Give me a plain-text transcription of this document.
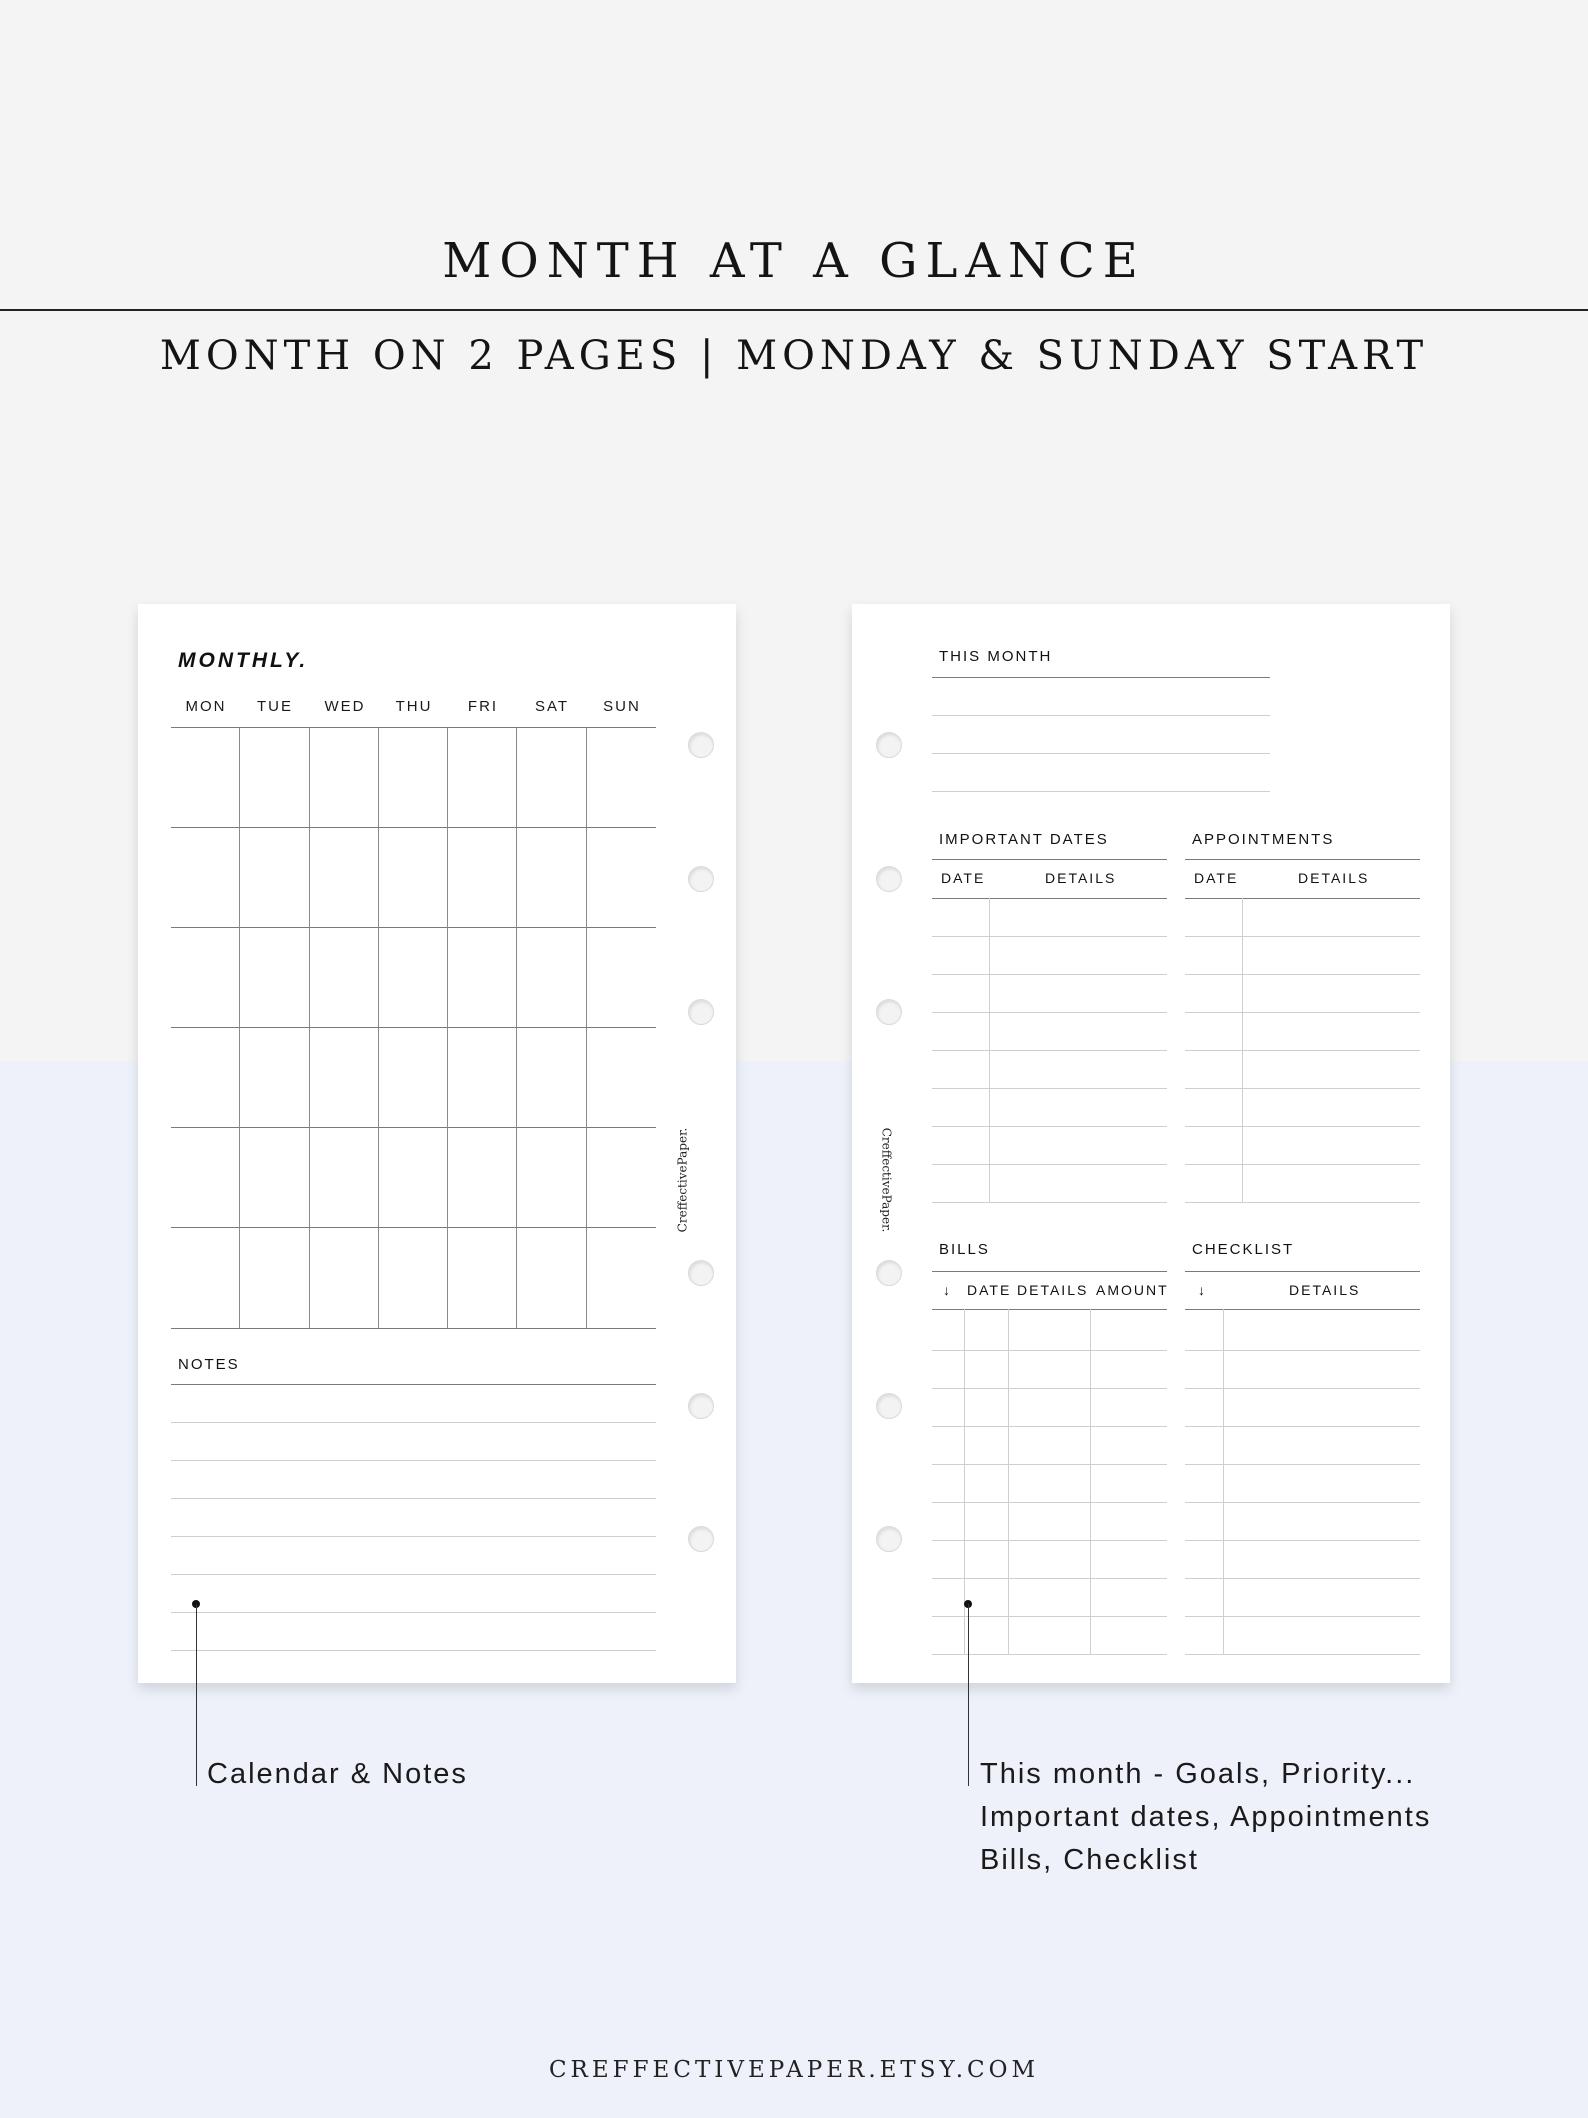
MONTH AT A GLANCE
MONTH ON 2 PAGES | MONDAY & SUNDAY START
MONTHLY.
MON	TUE	WED	THU	FRI	SAT	SUN
NOTES
CreffectivePaper.	CreffectivePaper.
THIS MONTH
IMPORTANT DATES
DATE	DETAILS
APPOINTMENTS
DATE	DETAILS
BILLS
↓ DATE DETAILS AMOUNT
CHECKLIST
↓	DETAILS
Calendar & Notes	This month - Goals, Priority...
Important dates, Appointments
Bills, Checklist
CREFFECTIVEPAPER.ETSY.COM
